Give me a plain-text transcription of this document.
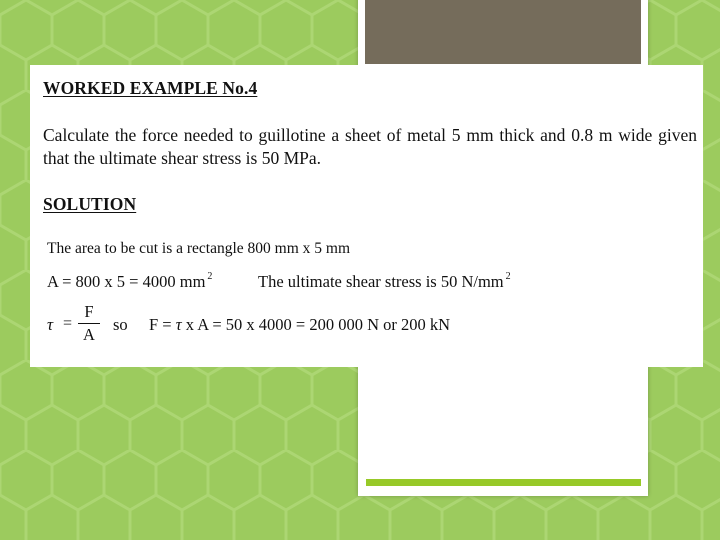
WORKED EXAMPLE No.4
Calculate the force needed to guillotine a sheet of metal 5 mm thick and 0.8 m wide given that the ultimate shear stress is 50 MPa.
SOLUTION
The area to be cut is a rectangle 800 mm x 5 mm
A = 800 x 5 = 4000 mm $^2$	The ultimate shear stress is 50 N/mm $^2$
τ =
F
A
so F = τ x A = 50 x 4000 = 200 000 N or 200 kN
